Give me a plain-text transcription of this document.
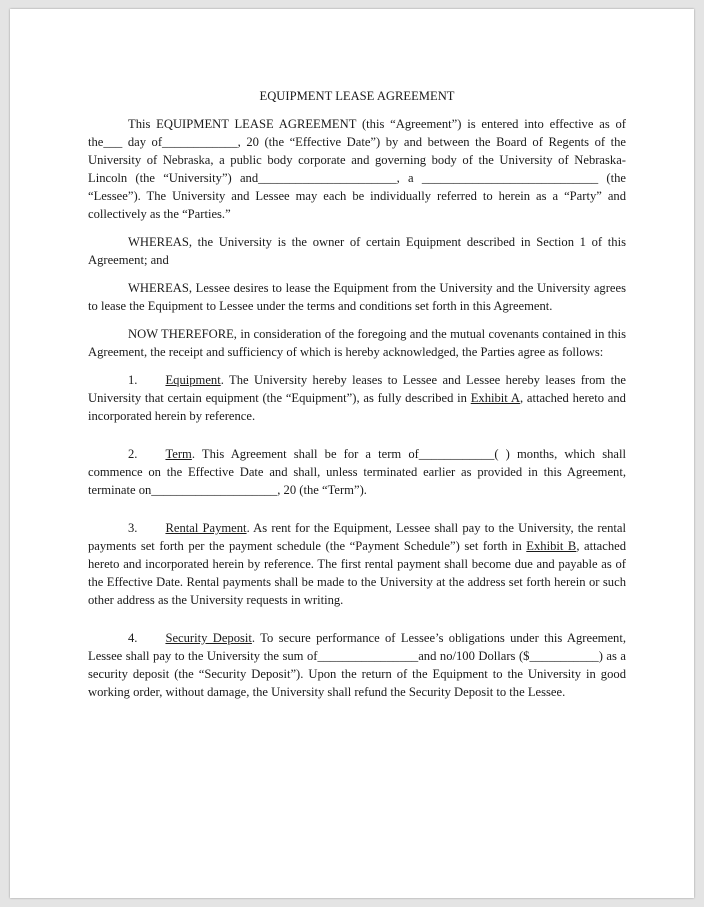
EQUIPMENT LEASE AGREEMENT

This EQUIPMENT LEASE AGREEMENT (this “Agreement”) is entered into effective as of the___ day of____________, 20 (the “Effective Date”) by and between the Board of Regents of the University of Nebraska, a public body corporate and governing body of the University of Nebraska-Lincoln (the “University”) and______________________, a ____________________________ (the “Lessee”). The University and Lessee may each be individually referred to herein as a “Party” and collectively as the “Parties.”

WHEREAS, the University is the owner of certain Equipment described in Section 1 of this Agreement; and

WHEREAS, Lessee desires to lease the Equipment from the University and the University agrees to lease the Equipment to Lessee under the terms and conditions set forth in this Agreement.

NOW THEREFORE, in consideration of the foregoing and the mutual covenants contained in this Agreement, the receipt and sufficiency of which is hereby acknowledged, the Parties agree as follows:

1. Equipment. The University hereby leases to Lessee and Lessee hereby leases from the University that certain equipment (the “Equipment”), as fully described in Exhibit A, attached hereto and incorporated herein by reference.

2. Term. This Agreement shall be for a term of____________( ) months, which shall commence on the Effective Date and shall, unless terminated earlier as provided in this Agreement, terminate on____________________, 20 (the “Term”).

3. Rental Payment. As rent for the Equipment, Lessee shall pay to the University, the rental payments set forth per the payment schedule (the “Payment Schedule”) set forth in Exhibit B, attached hereto and incorporated herein by reference. The first rental payment shall become due and payable as of the Effective Date. Rental payments shall be made to the University at the address set forth herein or such other address as the University requests in writing.

4. Security Deposit. To secure performance of Lessee’s obligations under this Agreement, Lessee shall pay to the University the sum of________________and no/100 Dollars ($___________) as a security deposit (the “Security Deposit”). Upon the return of the Equipment to the University in good working order, without damage, the University shall refund the Security Deposit to the Lessee.
